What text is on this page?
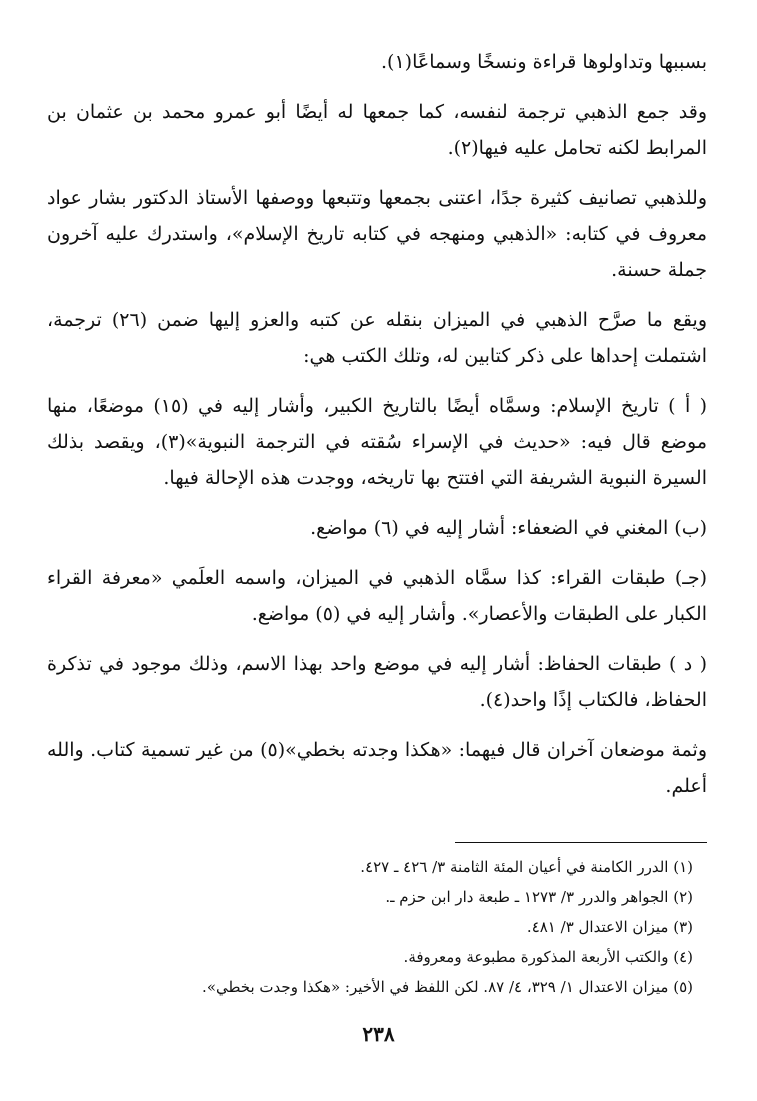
بسببها وتداولوها قراءة ونسخًا وسماعًا(١).

وقد جمع الذهبي ترجمة لنفسه، كما جمعها له أيضًا أبو عمرو محمد بن عثمان بن المرابط لكنه تحامل عليه فيها(٢).

وللذهبي تصانيف كثيرة جدًا، اعتنى بجمعها وتتبعها ووصفها الأستاذ الدكتور بشار عواد معروف في كتابه: «الذهبي ومنهجه في كتابه تاريخ الإسلام»، واستدرك عليه آخرون جملة حسنة.

ويقع ما صرَّح الذهبي في الميزان بنقله عن كتبه والعزو إليها ضمن (٢٦) ترجمة، اشتملت إحداها على ذكر كتابين له، وتلك الكتب هي:

( أ ) تاريخ الإسلام: وسمَّاه أيضًا بالتاريخ الكبير، وأشار إليه في (١٥) موضعًا، منها موضع قال فيه: «حديث في الإسراء سُقته في الترجمة النبوية»(٣)، ويقصد بذلك السيرة النبوية الشريفة التي افتتح بها تاريخه، ووجدت هذه الإحالة فيها.

(ب) المغني في الضعفاء: أشار إليه في (٦) مواضع.

(جـ) طبقات القراء: كذا سمَّاه الذهبي في الميزان، واسمه العلَمي «معرفة القراء الكبار على الطبقات والأعصار». وأشار إليه في (٥) مواضع.

( د ) طبقات الحفاظ: أشار إليه في موضع واحد بهذا الاسم، وذلك موجود في تذكرة الحفاظ، فالكتاب إذًا واحد(٤).

وثمة موضعان آخران قال فيهما: «هكذا وجدته بخطي»(٥) من غير تسمية كتاب. والله أعلم.

(١) الدرر الكامنة في أعيان المئة الثامنة ٣/ ٤٢٦ ـ ٤٢٧.

(٢) الجواهر والدرر ٣/ ١٢٧٣ ـ طبعة دار ابن حزم ـ.

(٣) ميزان الاعتدال ٣/ ٤٨١.

(٤) والكتب الأربعة المذكورة مطبوعة ومعروفة.

(٥) ميزان الاعتدال ١/ ٣٢٩، ٤/ ٨٧. لكن اللفظ في الأخير: «هكذا وجدت بخطي».

٢٣٨
